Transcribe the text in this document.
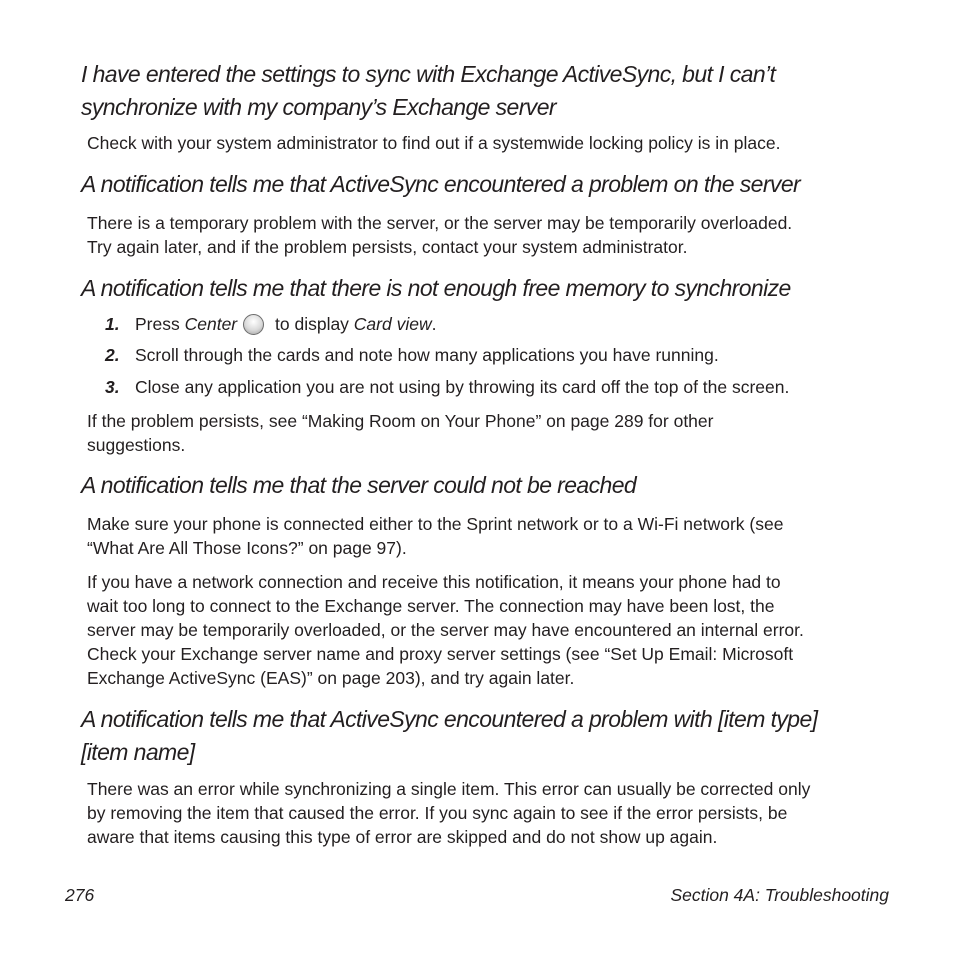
I have entered the settings to sync with Exchange ActiveSync, but I can’t
synchronize with my company’s Exchange server

Check with your system administrator to find out if a systemwide locking policy is in place.

A notification tells me that ActiveSync encountered a problem on the server

There is a temporary problem with the server, or the server may be temporarily overloaded.
Try again later, and if the problem persists, contact your system administrator.

A notification tells me that there is not enough free memory to synchronize

1. Press Center to display Card view.

2. Scroll through the cards and note how many applications you have running.

3. Close any application you are not using by throwing its card off the top of the screen.

If the problem persists, see “Making Room on Your Phone” on page 289 for other
suggestions.

A notification tells me that the server could not be reached

Make sure your phone is connected either to the Sprint network or to a Wi-Fi network (see
“What Are All Those Icons?” on page 97).

If you have a network connection and receive this notification, it means your phone had to
wait too long to connect to the Exchange server. The connection may have been lost, the
server may be temporarily overloaded, or the server may have encountered an internal error.
Check your Exchange server name and proxy server settings (see “Set Up Email: Microsoft
Exchange ActiveSync (EAS)” on page 203), and try again later.

A notification tells me that ActiveSync encountered a problem with [item type]
[item name]

There was an error while synchronizing a single item. This error can usually be corrected only
by removing the item that caused the error. If you sync again to see if the error persists, be
aware that items causing this type of error are skipped and do not show up again.

276	Section 4A: Troubleshooting
